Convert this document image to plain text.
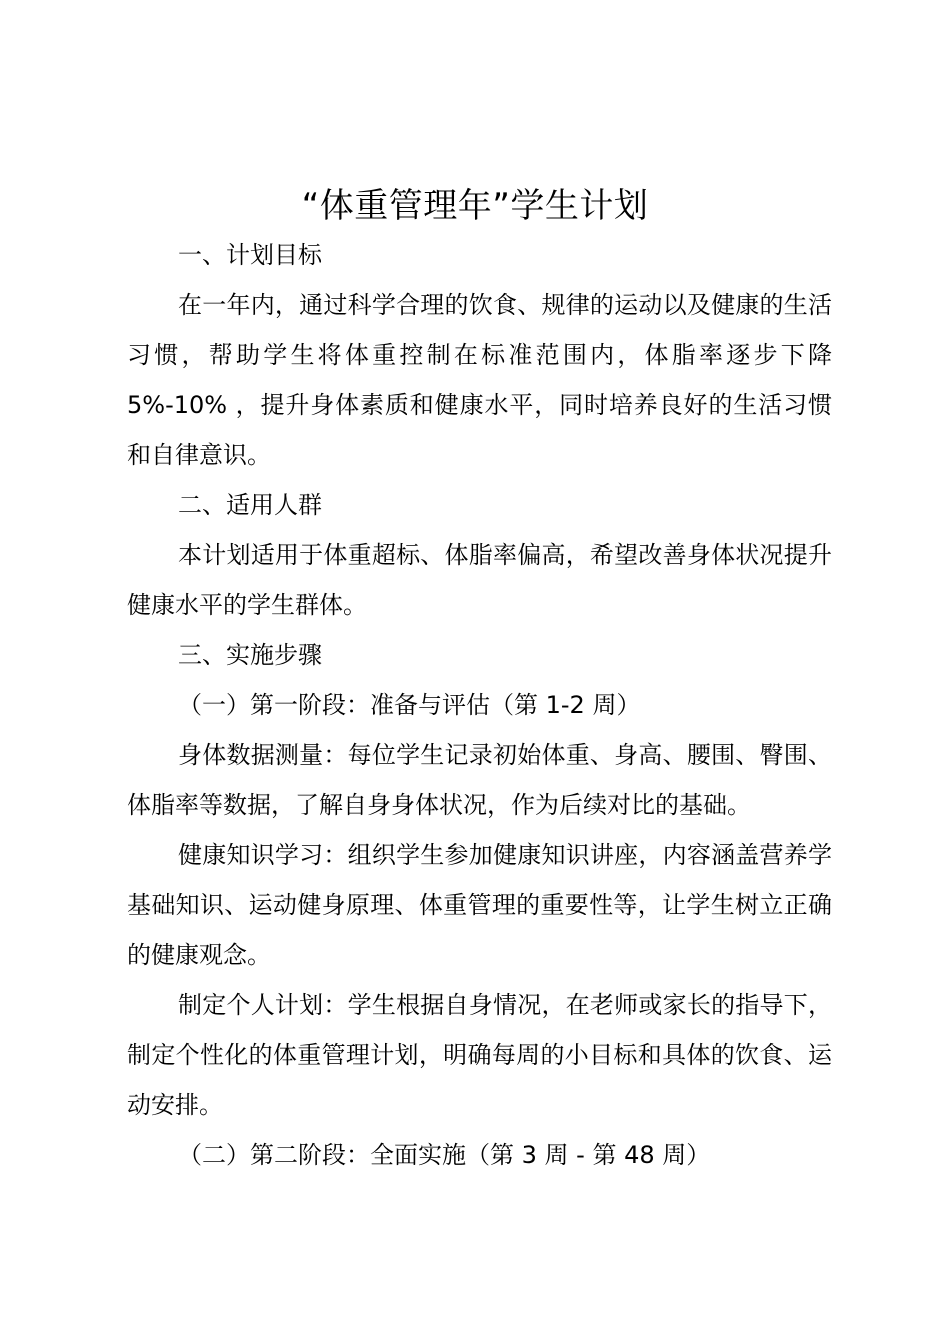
“体重管理年”学生计划

一、计划目标

在一年内，通过科学合理的饮食、规律的运动以及健康的生活习惯，帮助学生将体重控制在标准范围内，体脂率逐步下降 5%-10% ，提升身体素质和健康水平，同时培养良好的生活习惯和自律意识。

二、适用人群

本计划适用于体重超标、体脂率偏高，希望改善身体状况提升健康水平的学生群体。

三、实施步骤

（一）第一阶段：准备与评估（第 1-2 周）

身体数据测量：每位学生记录初始体重、身高、腰围、臀围、体脂率等数据，了解自身身体状况，作为后续对比的基础。

健康知识学习：组织学生参加健康知识讲座，内容涵盖营养学基础知识、运动健身原理、体重管理的重要性等，让学生树立正确的健康观念。

制定个人计划：学生根据自身情况，在老师或家长的指导下，制定个性化的体重管理计划，明确每周的小目标和具体的饮食、运动安排。

（二）第二阶段：全面实施（第 3 周 - 第 48 周）
